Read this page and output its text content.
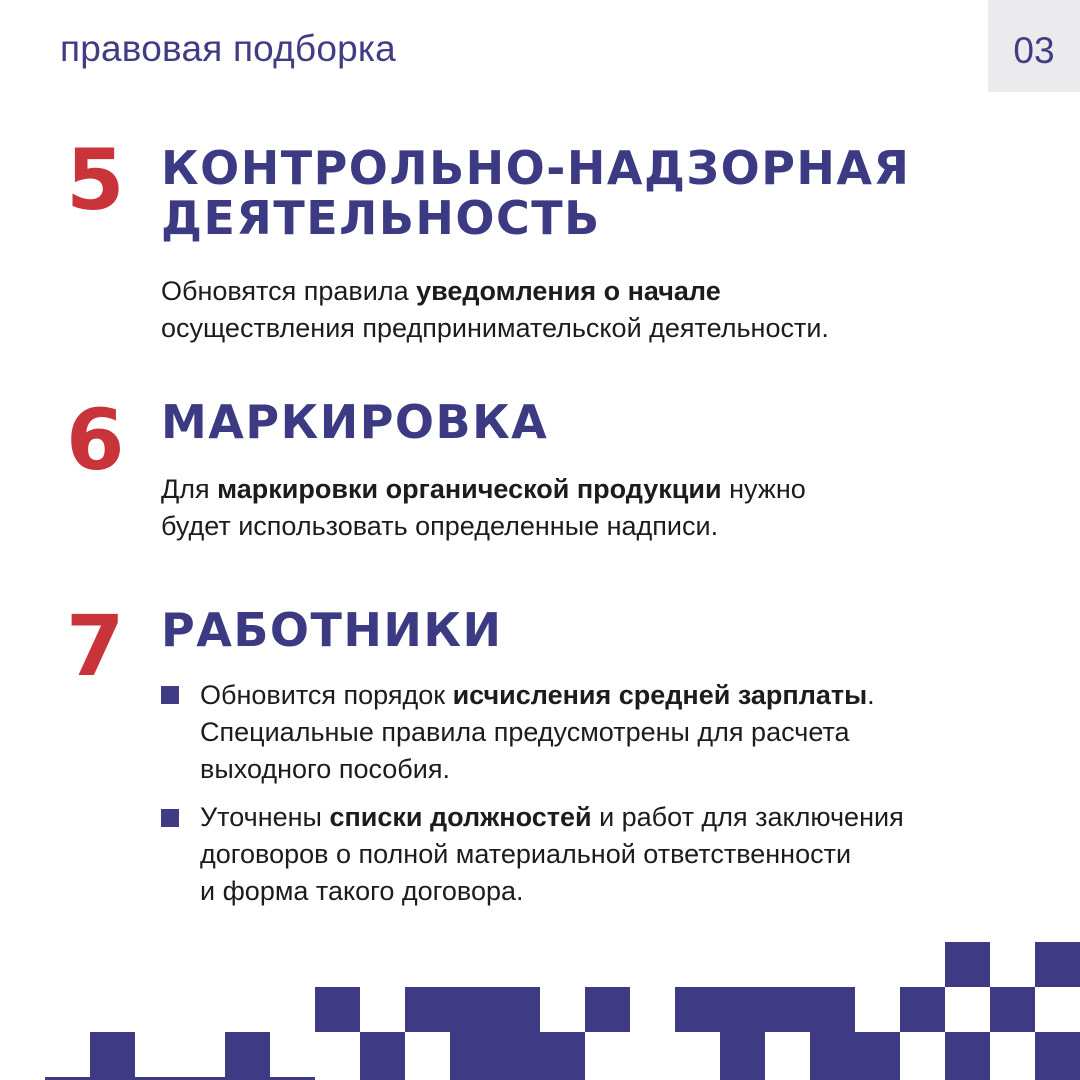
правовая подборка	03
5 КОНТРОЛЬНО-НАДЗОРНАЯ
ДЕЯТЕЛЬНОСТЬ
Обновятся правила уведомления о начале
осуществления предпринимательской деятельности.
6 МАРКИРОВКА
Для маркировки органической продукции нужно
будет использовать определенные надписи.
7 РАБОТНИКИ
Обновится порядок исчисления средней зарплаты.
Специальные правила предусмотрены для расчета
выходного пособия.
Уточнены списки должностей и работ для заключения
договоров о полной материальной ответственности
и форма такого договора.
